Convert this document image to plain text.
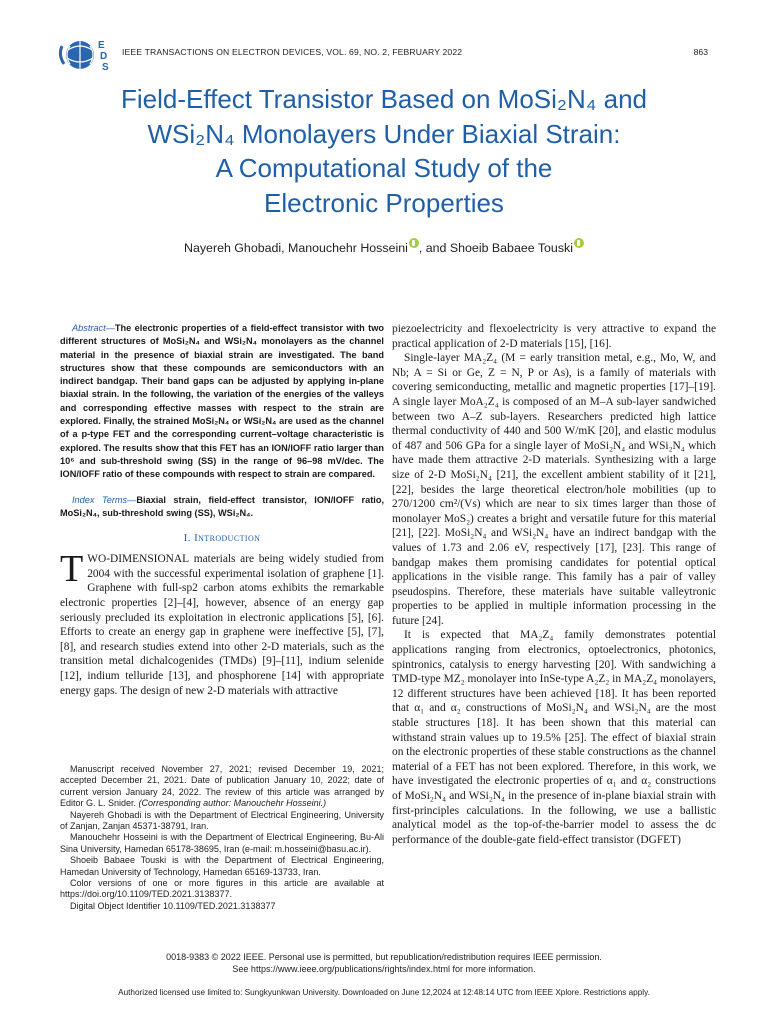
E
D
S
IEEE TRANSACTIONS ON ELECTRON DEVICES, VOL. 69, NO. 2, FEBRUARY 2022	863
Field-Effect Transistor Based on MoSi₂N₄ and
WSi₂N₄ Monolayers Under Biaxial Strain:
A Computational Study of the
Electronic Properties
Nayereh Ghobadi, Manouchehr Hosseini , and Shoeib Babaee Touski
Abstract—The electronic properties of a field-effect transistor with two different structures of MoSi₂N₄ and WSi₂N₄ monolayers as the channel material in the presence of biaxial strain are investigated. The band structures show that these compounds are semiconductors with an indirect bandgap. Their band gaps can be adjusted by applying in-plane biaxial strain. In the following, the variation of the energies of the valleys and corresponding effective masses with respect to the strain are explored. Finally, the strained MoSi₂N₄ or WSi₂N₄ are used as the channel of a p-type FET and the corresponding current–voltage characteristic is explored. The results show that this FET has an ION/IOFF ratio larger than 10⁶ and sub-threshold swing (SS) in the range of 96–98 mV/dec. The ION/IOFF ratio of these compounds with respect to strain are compared.
Index Terms—Biaxial strain, field-effect transistor, ION/IOFF ratio, MoSi₂N₄, sub-threshold swing (SS), WSi₂N₄.
I. Introduction

TWO-DIMENSIONAL materials are being widely studied from 2004 with the successful experimental isolation of graphene [1]. Graphene with full-sp2 carbon atoms exhibits the remarkable electronic properties [2]–[4], however, absence of an energy gap seriously precluded its exploitation in electronic applications [5], [6]. Efforts to create an energy gap in graphene were ineffective [5], [7], [8], and research studies extend into other 2-D materials, such as the transition metal dichalcogenides (TMDs) [9]–[11], indium selenide [12], indium telluride [13], and phosphorene [14] with appropriate energy gaps. The design of new 2-D materials with attractive

Manuscript received November 27, 2021; revised December 19, 2021; accepted December 21, 2021. Date of publication January 10, 2022; date of current version January 24, 2022. The review of this article was arranged by Editor G. L. Snider. (Corresponding author: Manouchehr Hosseini.)

Nayereh Ghobadi is with the Department of Electrical Engineering, University of Zanjan, Zanjan 45371-38791, Iran.

Manouchehr Hosseini is with the Department of Electrical Engineering, Bu-Ali Sina University, Hamedan 65178-38695, Iran (e-mail: m.hosseini@basu.ac.ir).

Shoeib Babaee Touski is with the Department of Electrical Engineering, Hamedan University of Technology, Hamedan 65169-13733, Iran.

Color versions of one or more figures in this article are available at https://doi.org/10.1109/TED.2021.3138377.

Digital Object Identifier 10.1109/TED.2021.3138377

piezoelectricity and flexoelectricity is very attractive to expand the practical application of 2-D materials [15], [16].

Single-layer MA₂Z₄ (M = early transition metal, e.g., Mo, W, and Nb; A = Si or Ge, Z = N, P or As), is a family of materials with covering semiconducting, metallic and magnetic properties [17]–[19]. A single layer MoA₂Z₄ is composed of an M–A sub-layer sandwiched between two A–Z sub-layers. Researchers predicted high lattice thermal conductivity of 440 and 500 W/mK [20], and elastic modulus of 487 and 506 GPa for a single layer of MoSi₂N₄ and WSi₂N₄ which have made them attractive 2-D materials. Synthesizing with a large size of 2-D MoSi₂N₄ [21], the excellent ambient stability of it [21], [22], besides the large theoretical electron/hole mobilities (up to 270/1200 cm²/(Vs) which are near to six times larger than those of monolayer MoS₂) creates a bright and versatile future for this material [21], [22]. MoSi₂N₄ and WSi₂N₄ have an indirect bandgap with the values of 1.73 and 2.06 eV, respectively [17], [23]. This range of bandgap makes them promising candidates for potential optical applications in the visible range. This family has a pair of valley pseudospins. Therefore, these materials have suitable valleytronic properties to be applied in multiple information processing in the future [24].

It is expected that MA₂Z₄ family demonstrates potential applications ranging from electronics, optoelectronics, photonics, spintronics, catalysis to energy harvesting [20]. With sandwiching a TMD-type MZ₂ monolayer into InSe-type A₂Z₂ in MA₂Z₄ monolayers, 12 different structures have been achieved [18]. It has been reported that α₁ and α₂ constructions of MoSi₂N₄ and WSi₂N₄ are the most stable structures [18]. It has been shown that this material can withstand strain values up to 19.5% [25]. The effect of biaxial strain on the electronic properties of these stable constructions as the channel material of a FET has not been explored. Therefore, in this work, we have investigated the electronic properties of α₁ and α₂ constructions of MoSi₂N₄ and WSi₂N₄ in the presence of in-plane biaxial strain with first-principles calculations. In the following, we use a ballistic analytical model as the top-of-the-barrier model to assess the dc performance of the double-gate field-effect transistor (DGFET)

0018-9383 © 2022 IEEE. Personal use is permitted, but republication/redistribution requires IEEE permission.
See https://www.ieee.org/publications/rights/index.html for more information.
Authorized licensed use limited to: Sungkyunkwan University. Downloaded on June 12,2024 at 12:48:14 UTC from IEEE Xplore. Restrictions apply.
